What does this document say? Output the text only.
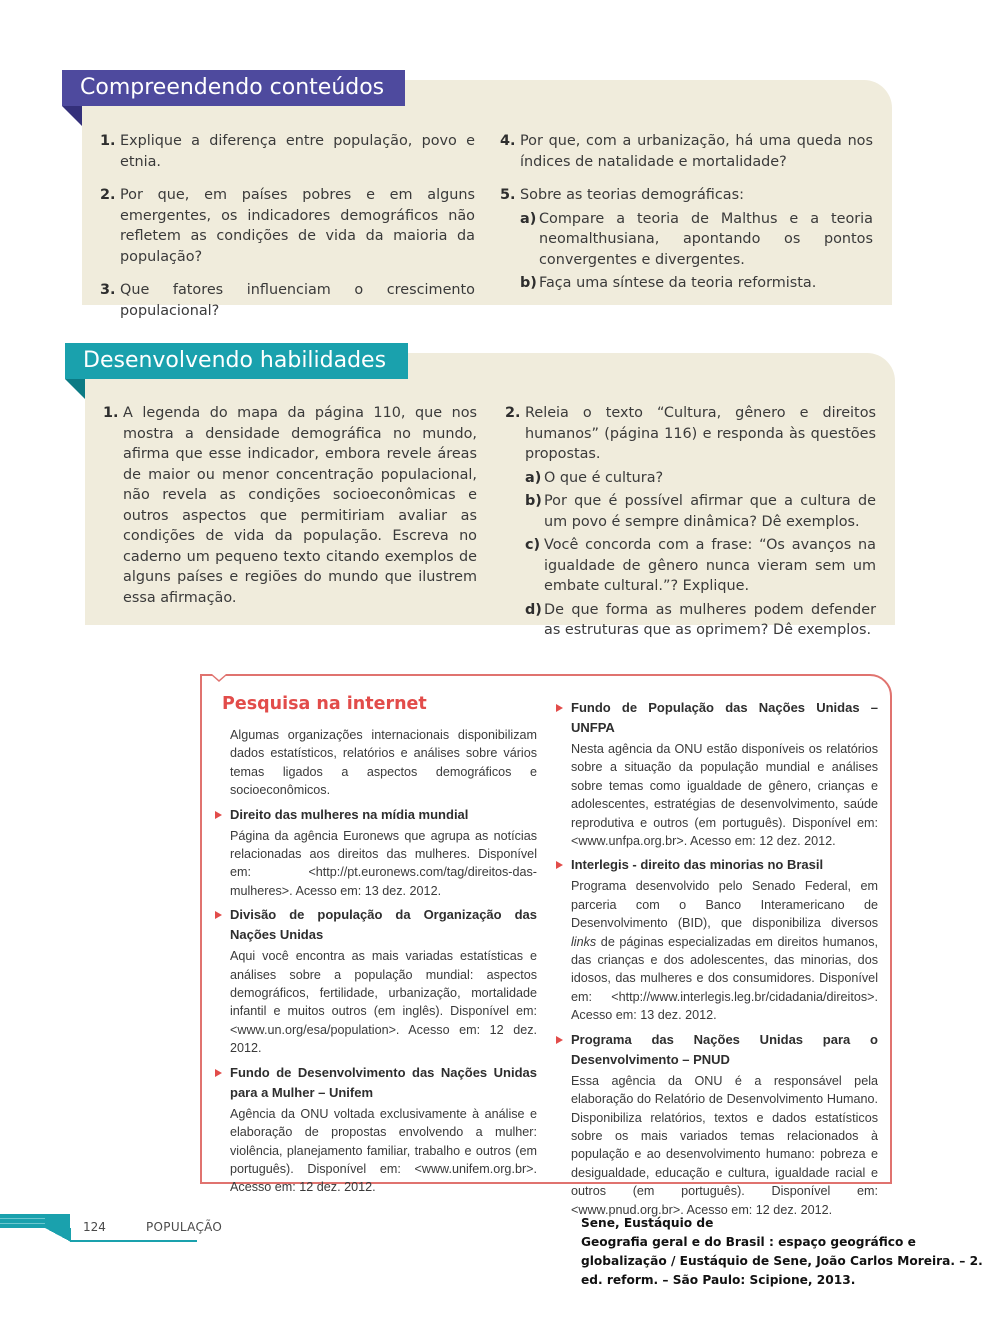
Compreendendo conteúdos
1. Explique a diferença entre população, povo e etnia.
2. Por que, em países pobres e em alguns emergentes, os indicadores demográficos não refletem as condições de vida da maioria da população?
3. Que fatores influenciam o crescimento populacional?
4. Por que, com a urbanização, há uma queda nos índices de natalidade e mortalidade?
5. Sobre as teorias demográficas:
a) Compare a teoria de Malthus e a teoria neomalthusiana, apontando os pontos convergentes e divergentes.
b) Faça uma síntese da teoria reformista.
Desenvolvendo habilidades
1. A legenda do mapa da página 110, que nos mostra a densidade demográfica no mundo, afirma que esse indicador, embora revele áreas de maior ou menor concentração populacional, não revela as condições socioeconômicas e outros aspectos que permitiriam avaliar as condições de vida da população. Escreva no caderno um pequeno texto citando exemplos de alguns países e regiões do mundo que ilustrem essa afirmação.
2. Releia o texto “Cultura, gênero e direitos humanos” (página 116) e responda às questões propostas.
a) O que é cultura?
b) Por que é possível afirmar que a cultura de um povo é sempre dinâmica? Dê exemplos.
c) Você concorda com a frase: “Os avanços na igualdade de gênero nunca vieram sem um embate cultural.”? Explique.
d) De que forma as mulheres podem defender as estruturas que as oprimem? Dê exemplos.
Pesquisa na internet
Algumas organizações internacionais disponibilizam dados estatísticos, relatórios e análises sobre vários temas ligados a aspectos demográficos e socioeconômicos.
Direito das mulheres na mídia mundial
Página da agência Euronews que agrupa as notícias relacionadas aos direitos das mulheres. Disponível em: <http://pt.euronews.com/tag/direitos-das-mulheres>. Acesso em: 13 dez. 2012.
Divisão de população da Organização das Nações Unidas
Aqui você encontra as mais variadas estatísticas e análises sobre a população mundial: aspectos demográficos, fertilidade, urbanização, mortalidade infantil e muitos outros (em inglês). Disponível em: <www.un.org/esa/population>. Acesso em: 12 dez. 2012.
Fundo de Desenvolvimento das Nações Unidas para a Mulher – Unifem
Agência da ONU voltada exclusivamente à análise e elaboração de propostas envolvendo a mulher: violência, planejamento familiar, trabalho e outros (em português). Disponível em: <www.unifem.org.br>. Acesso em: 12 dez. 2012.
Fundo de População das Nações Unidas – UNFPA
Nesta agência da ONU estão disponíveis os relatórios sobre a situação da população mundial e análises sobre temas como igualdade de gênero, crianças e adolescentes, estratégias de desenvolvimento, saúde reprodutiva e outros (em português). Disponível em: <www.unfpa.org.br>. Acesso em: 12 dez. 2012.
Interlegis - direito das minorias no Brasil
Programa desenvolvido pelo Senado Federal, em parceria com o Banco Interamericano de Desenvolvimento (BID), que disponibiliza diversos links de páginas especializadas em direitos humanos, das crianças e dos adolescentes, das minorias, dos idosos, das mulheres e dos consumidores. Disponível em: <http://www.interlegis.leg.br/cidadania/direitos>. Acesso em: 13 dez. 2012.
Programa das Nações Unidas para o Desenvolvimento – PNUD
Essa agência da ONU é a responsável pela elaboração do Relatório de Desenvolvimento Humano. Disponibiliza relatórios, textos e dados estatísticos sobre os mais variados temas relacionados à população e ao desenvolvimento humano: pobreza e desigualdade, educação e cultura, igualdade racial e outros (em português). Disponível em: <www.pnud.org.br>. Acesso em: 12 dez. 2012.
124	POPULAÇÃO	Sene, Eustáquio de
Geografia geral e do Brasil : espaço geográfico e globalização / Eustáquio de Sene, João Carlos Moreira. – 2. ed. reform. – São Paulo: Scipione, 2013.
